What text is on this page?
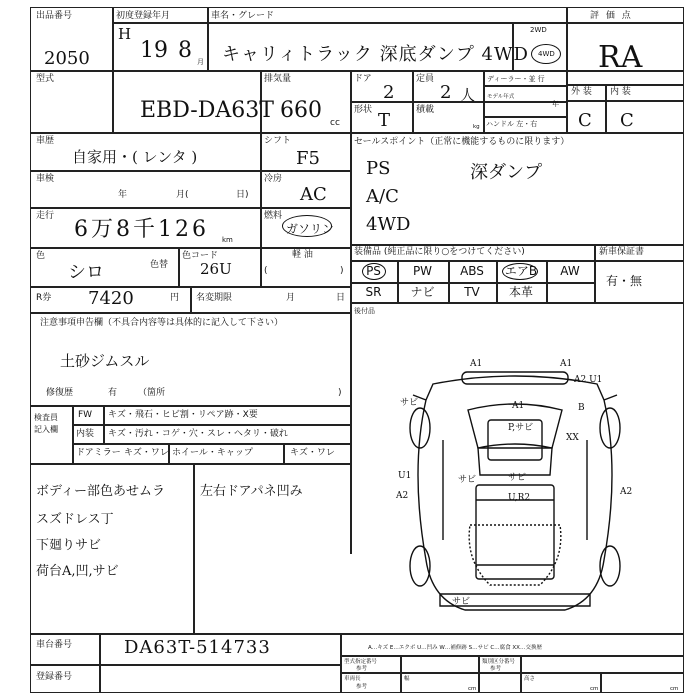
出品番号
2050
初度登録年月
H
19 8 月
車名・グレード
キャリィトラック 深底ダンプ 4WD
2WD
4WD
評 価 点
RA
型式
EBD-DA63T
排気量
660 cc
ドア
2
定員
2 人
ディーラー・並 行
モデル年式
年
形状 T	積載
kg ハンドル 左・右
外 装 内 装
C C
車歴
自家用・( レンタ )
シフト
F5
車検
年	月(	日)
冷房
AC
走行
6万8千126 km
燃料
ガソリン
軽 油
色
シロ	色替
色コード
26U	(	)
R券 7420	円 名変期限	月	日
セールスポイント（正常に機能するものに限ります）
PS	深ダンプ
A/C
4WD
装備品 (純正品に限り○をつけてください)	新車保証書
有・無
PS	PW	ABS	エアB	AW
SR	ナビ	TV	本革
後付品
注意事項申告欄（不具合内容等は具体的に記入して下さい）
土砂ジムスル
修復歴	有 （箇所	)
検査員
記入欄
FW キズ・飛石・ヒビ割・リペア跡・X要
内装 キズ・汚れ・コゲ・穴・スレ・ヘタリ・破れ
ドアミラー キズ・ワレ ホイール・キャップ	キズ・ワレ
ボディー部色あせムラ
スズドレス丁
下廻りサビ
荷台A,凹,サビ
左右ドアパネ凹み
A1	A1
A2 U1
B
XX
A1
P,サビ
U1
A2
サビ	サビ
U,R2
A2
サビ
サビ
A…キズ E…エクボ U…凹み W…補修跡 S…サビ C…腐食 XX…交換歴
車台番号	DA63T-514733
登録番号
型式指定番号
参考
類別区分番号
参考
車両長
参考
幅
cm
高さ
cm	cm
